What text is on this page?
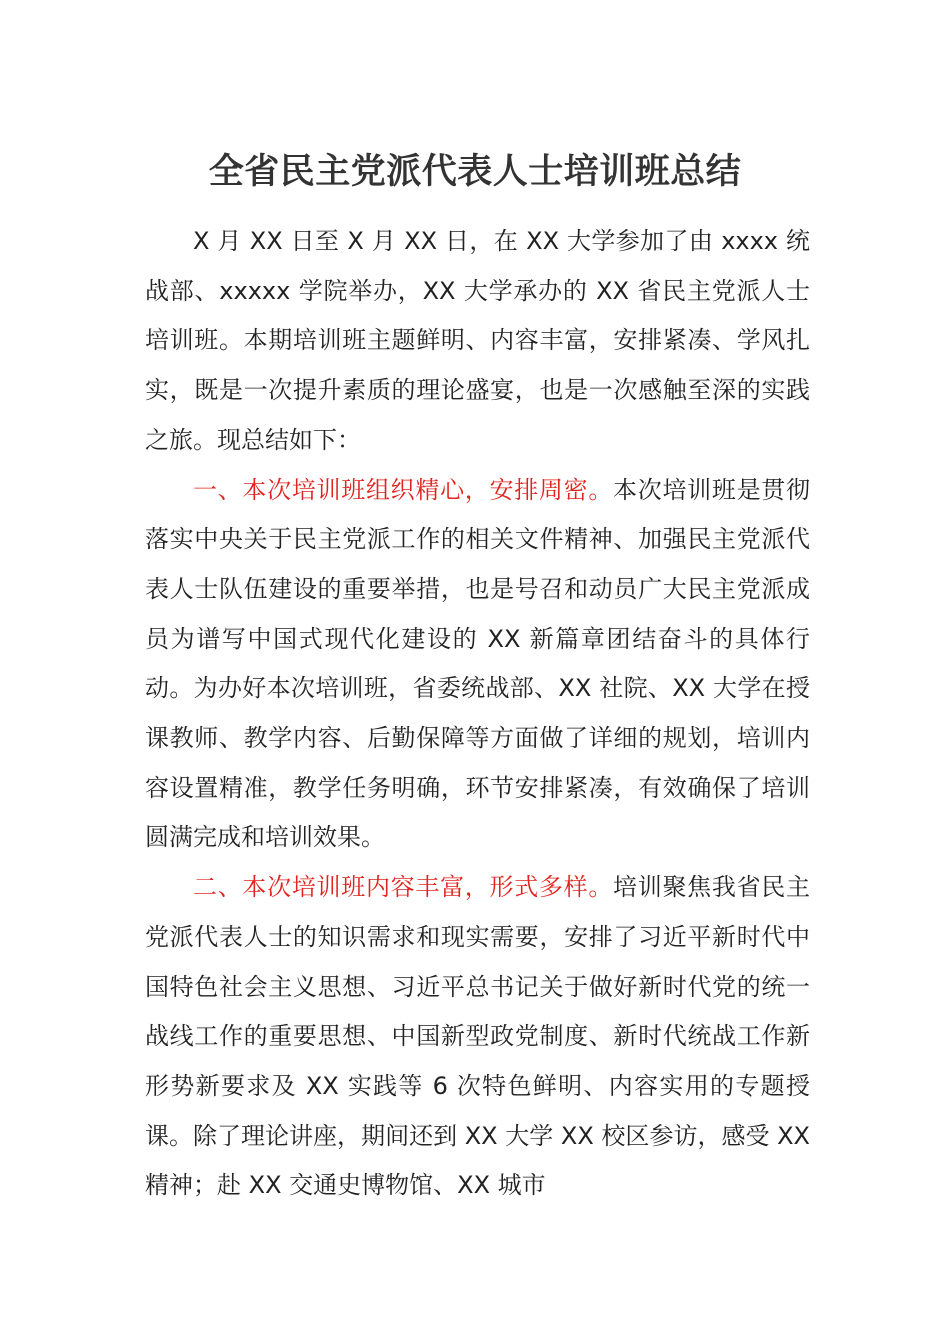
全省民主党派代表人士培训班总结

X 月 XX 日至 X 月 XX 日，在 XX 大学参加了由 xxxx 统战部、xxxxx 学院举办，XX 大学承办的 XX 省民主党派人士培训班。本期培训班主题鲜明、内容丰富，安排紧凑、学风扎实，既是一次提升素质的理论盛宴，也是一次感触至深的实践之旅。现总结如下：

一、本次培训班组织精心，安排周密。本次培训班是贯彻落实中央关于民主党派工作的相关文件精神、加强民主党派代表人士队伍建设的重要举措，也是号召和动员广大民主党派成员为谱写中国式现代化建设的 XX 新篇章团结奋斗的具体行动。为办好本次培训班，省委统战部、XX 社院、XX 大学在授课教师、教学内容、后勤保障等方面做了详细的规划，培训内容设置精准，教学任务明确，环节安排紧凑，有效确保了培训圆满完成和培训效果。

二、本次培训班内容丰富，形式多样。培训聚焦我省民主党派代表人士的知识需求和现实需要，安排了习近平新时代中国特色社会主义思想、习近平总书记关于做好新时代党的统一战线工作的重要思想、中国新型政党制度、新时代统战工作新形势新要求及 XX 实践等 6 次特色鲜明、内容实用的专题授课。除了理论讲座，期间还到 XX 大学 XX 校区参访，感受 XX 精神；赴 XX 交通史博物馆、XX 城市
